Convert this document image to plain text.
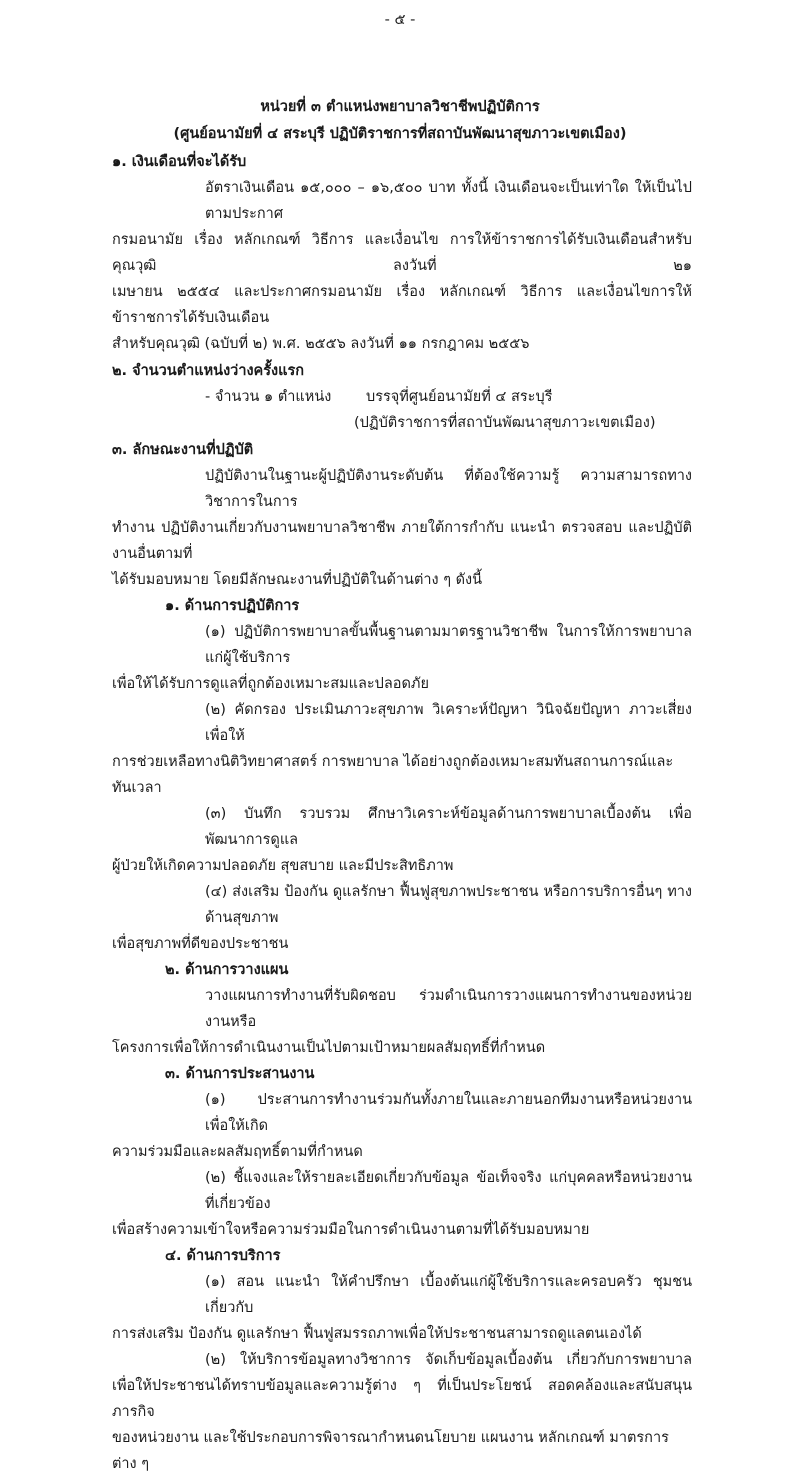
- ๕ -
หน่วยที่ ๓ ตำแหน่งพยาบาลวิชาชีพปฏิบัติการ
(ศูนย์อนามัยที่ ๔ สระบุรี ปฏิบัติราชการที่สถาบันพัฒนาสุขภาวะเขตเมือง)
๑. เงินเดือนที่จะได้รับ
อัตราเงินเดือน ๑๕,๐๐๐ – ๑๖,๕๐๐ บาท ทั้งนี้ เงินเดือนจะเป็นเท่าใด ให้เป็นไปตามประกาศ
กรมอนามัย เรื่อง หลักเกณฑ์ วิธีการ และเงื่อนไข การให้ข้าราชการได้รับเงินเดือนสำหรับคุณวุฒิ ลงวันที่ ๒๑
เมษายน ๒๕๕๔ และประกาศกรมอนามัย เรื่อง หลักเกณฑ์ วิธีการ และเงื่อนไขการให้ข้าราชการได้รับเงินเดือน
สำหรับคุณวุฒิ (ฉบับที่ ๒) พ.ศ. ๒๕๕๖ ลงวันที่ ๑๑ กรกฎาคม ๒๕๕๖
๒. จำนวนตำแหน่งว่างครั้งแรก
- จำนวน ๑ ตำแหน่ง	บรรจุที่ศูนย์อนามัยที่ ๔ สระบุรี
(ปฏิบัติราชการที่สถาบันพัฒนาสุขภาวะเขตเมือง)
๓. ลักษณะงานที่ปฏิบัติ
ปฏิบัติงานในฐานะผู้ปฏิบัติงานระดับต้น ที่ต้องใช้ความรู้ ความสามารถทางวิชาการในการ
ทำงาน ปฏิบัติงานเกี่ยวกับงานพยาบาลวิชาชีพ ภายใต้การกำกับ แนะนำ ตรวจสอบ และปฏิบัติงานอื่นตามที่
ได้รับมอบหมาย โดยมีลักษณะงานที่ปฏิบัติในด้านต่าง ๆ ดังนี้
๑. ด้านการปฏิบัติการ
(๑) ปฏิบัติการพยาบาลขั้นพื้นฐานตามมาตรฐานวิชาชีพ ในการให้การพยาบาลแก่ผู้ใช้บริการ
เพื่อให้ได้รับการดูแลที่ถูกต้องเหมาะสมและปลอดภัย
(๒) คัดกรอง ประเมินภาวะสุขภาพ วิเคราะห์ปัญหา วินิจฉัยปัญหา ภาวะเสี่ยง เพื่อให้
การช่วยเหลือทางนิติวิทยาศาสตร์ การพยาบาล ได้อย่างถูกต้องเหมาะสมทันสถานการณ์และทันเวลา
(๓) บันทึก รวบรวม ศึกษาวิเคราะห์ข้อมูลด้านการพยาบาลเบื้องต้น เพื่อพัฒนาการดูแล
ผู้ป่วยให้เกิดความปลอดภัย สุขสบาย และมีประสิทธิภาพ
(๔) ส่งเสริม ป้องกัน ดูแลรักษา ฟื้นฟูสุขภาพประชาชน หรือการบริการอื่นๆ ทางด้านสุขภาพ
เพื่อสุขภาพที่ดีของประชาชน
๒. ด้านการวางแผน
วางแผนการทำงานที่รับผิดชอบ ร่วมดำเนินการวางแผนการทำงานของหน่วยงานหรือ
โครงการเพื่อให้การดำเนินงานเป็นไปตามเป้าหมายผลสัมฤทธิ์ที่กำหนด
๓. ด้านการประสานงาน
(๑) ประสานการทำงานร่วมกันทั้งภายในและภายนอกทีมงานหรือหน่วยงาน เพื่อให้เกิด
ความร่วมมือและผลสัมฤทธิ์ตามที่กำหนด
(๒) ชี้แจงและให้รายละเอียดเกี่ยวกับข้อมูล ข้อเท็จจริง แก่บุคคลหรือหน่วยงานที่เกี่ยวข้อง
เพื่อสร้างความเข้าใจหรือความร่วมมือในการดำเนินงานตามที่ได้รับมอบหมาย
๔. ด้านการบริการ
(๑) สอน แนะนำ ให้คำปรึกษา เบื้องต้นแก่ผู้ใช้บริการและครอบครัว ชุมชน เกี่ยวกับ
การส่งเสริม ป้องกัน ดูแลรักษา ฟื้นฟูสมรรถภาพเพื่อให้ประชาชนสามารถดูแลตนเองได้
(๒) ให้บริการข้อมูลทางวิชาการ จัดเก็บข้อมูลเบื้องต้น เกี่ยวกับการพยาบาล
เพื่อให้ประชาชนได้ทราบข้อมูลและความรู้ต่าง ๆ ที่เป็นประโยชน์ สอดคล้องและสนับสนุนภารกิจ
ของหน่วยงาน และใช้ประกอบการพิจารณากำหนดนโยบาย แผนงาน หลักเกณฑ์ มาตรการต่าง ๆ
